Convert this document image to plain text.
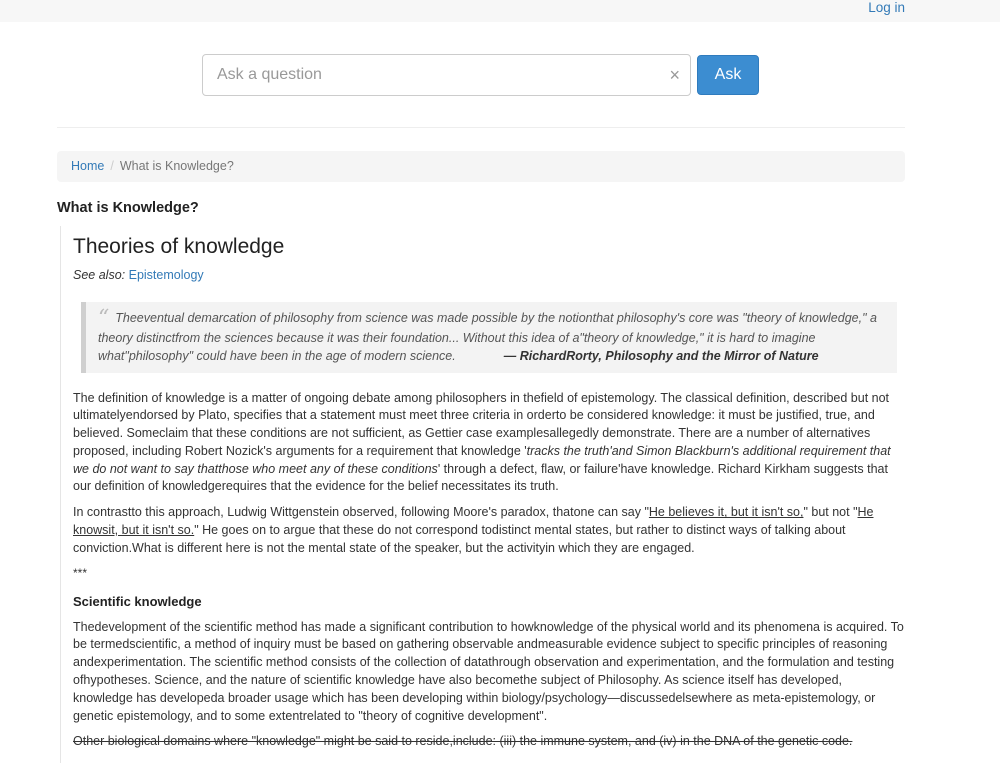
Log in
Ask a question
×	Ask
Home / What is Knowledge?
What is Knowledge?
Theories of knowledge

See also: Epistemology

“ Theeventual demarcation of philosophy from science was made possible by the notionthat philosophy's core was "theory of knowledge," a theory distinctfrom the sciences because it was their foundation... Without this idea of a"theory of knowledge," it is hard to imagine what"philosophy" could have been in the age of modern science.	— RichardRorty, Philosophy and the Mirror of Nature

The definition of knowledge is a matter of ongoing debate among philosophers in thefield of epistemology. The classical definition, described but not ultimatelyendorsed by Plato, specifies that a statement must meet three criteria in orderto be considered knowledge: it must be justified, true, and believed. Someclaim that these conditions are not sufficient, as Gettier case examplesallegedly demonstrate. There are a number of alternatives proposed, including Robert Nozick's arguments for a requirement that knowledge 'tracks the truth'and Simon Blackburn's additional requirement that we do not want to say thatthose who meet any of these conditions' through a defect, flaw, or failure'have knowledge. Richard Kirkham suggests that our definition of knowledgerequires that the evidence for the belief necessitates its truth.

In contrastto this approach, Ludwig Wittgenstein observed, following Moore's paradox, thatone can say "He believes it, but it isn't so," but not "He knowsit, but it isn't so." He goes on to argue that these do not correspond todistinct mental states, but rather to distinct ways of talking about conviction.What is different here is not the mental state of the speaker, but the activityin which they are engaged.

***

Scientific knowledge

Thedevelopment of the scientific method has made a significant contribution to howknowledge of the physical world and its phenomena is acquired. To be termedscientific, a method of inquiry must be based on gathering observable andmeasurable evidence subject to specific principles of reasoning andexperimentation. The scientific method consists of the collection of datathrough observation and experimentation, and the formulation and testing ofhypotheses. Science, and the nature of scientific knowledge have also becomethe subject of Philosophy. As science itself has developed, knowledge has developeda broader usage which has been developing within biology/psychology—discussedelsewhere as meta-epistemology, or genetic epistemology, and to some extentrelated to "theory of cognitive development".

Other biological domains where "knowledge" might be said to reside,include: (iii) the immune system, and (iv) in the DNA of the genetic code.
